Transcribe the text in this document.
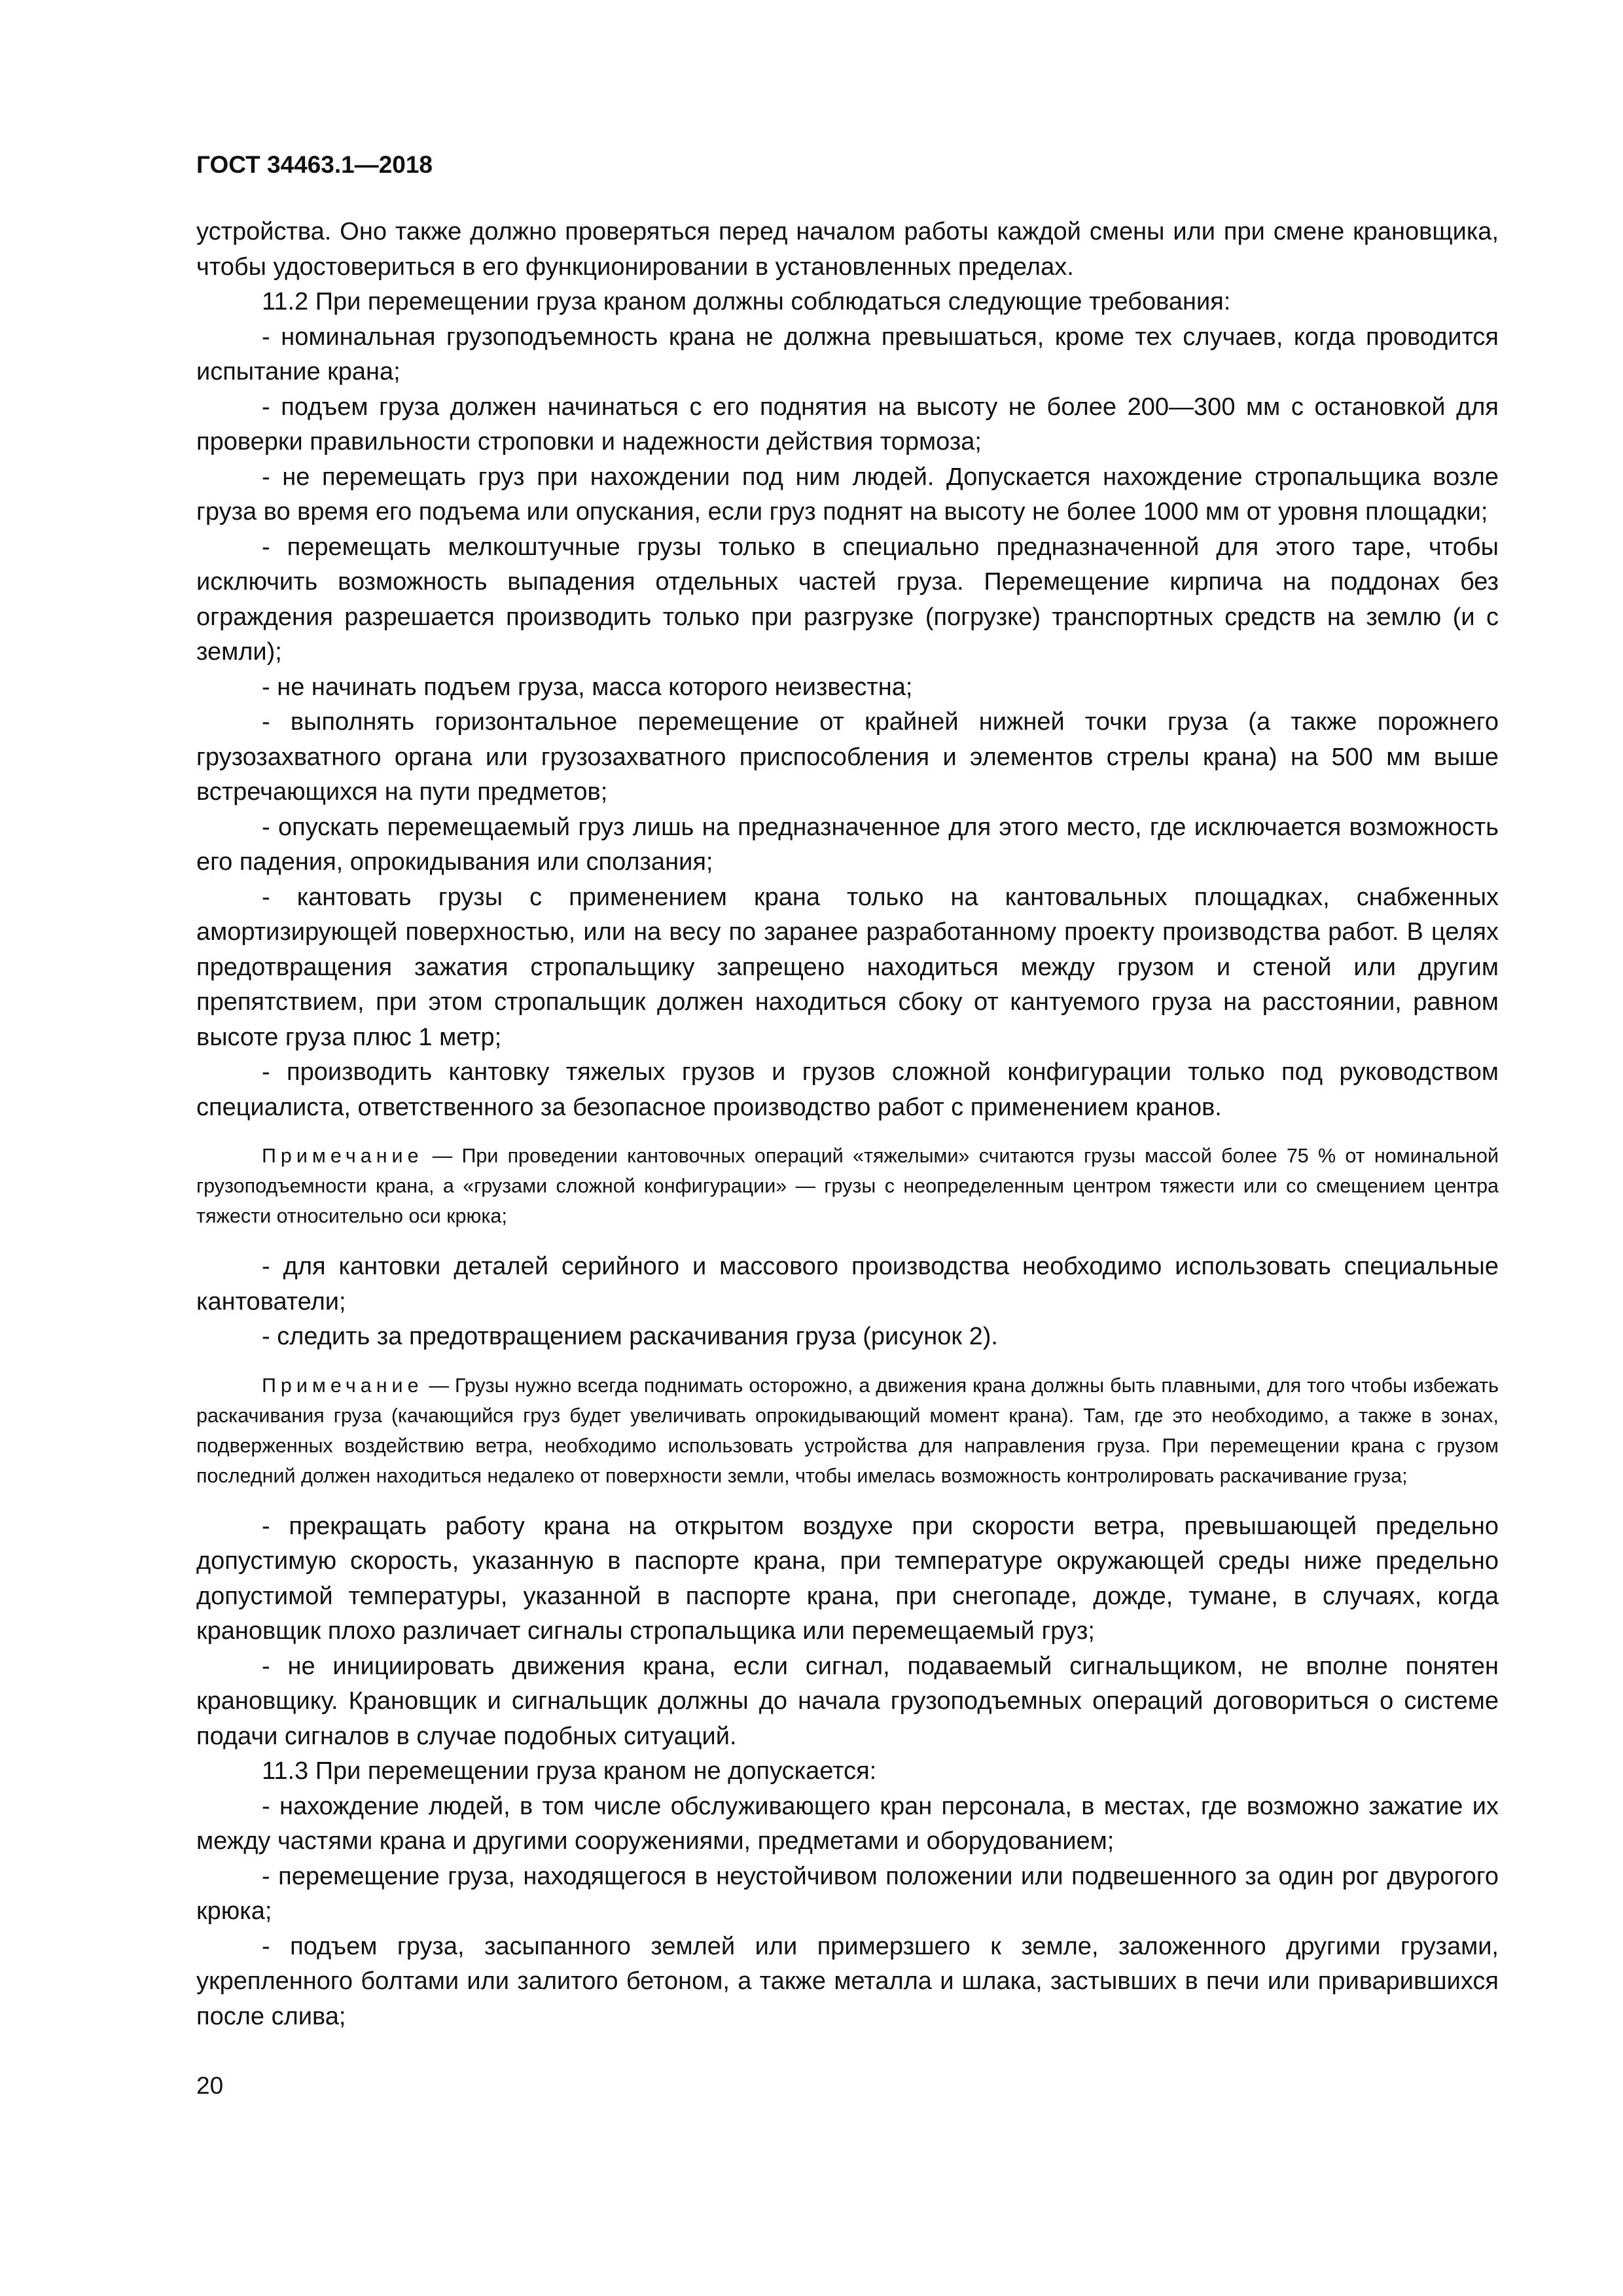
ГОСТ 34463.1—2018

устройства. Оно также должно проверяться перед началом работы каждой смены или при смене крановщика, чтобы удостовериться в его функционировании в установленных пределах.

11.2 При перемещении груза краном должны соблюдаться следующие требования:

- номинальная грузоподъемность крана не должна превышаться, кроме тех случаев, когда проводится испытание крана;

- подъем груза должен начинаться с его поднятия на высоту не более 200—300 мм с остановкой для проверки правильности строповки и надежности действия тормоза;

- не перемещать груз при нахождении под ним людей. Допускается нахождение стропальщика возле груза во время его подъема или опускания, если груз поднят на высоту не более 1000 мм от уровня площадки;

- перемещать мелкоштучные грузы только в специально предназначенной для этого таре, чтобы исключить возможность выпадения отдельных частей груза. Перемещение кирпича на поддонах без ограждения разрешается производить только при разгрузке (погрузке) транспортных средств на землю (и с земли);

- не начинать подъем груза, масса которого неизвестна;

- выполнять горизонтальное перемещение от крайней нижней точки груза (а также порожнего грузозахватного органа или грузозахватного приспособления и элементов стрелы крана) на 500 мм выше встречающихся на пути предметов;

- опускать перемещаемый груз лишь на предназначенное для этого место, где исключается возможность его падения, опрокидывания или сползания;

- кантовать грузы с применением крана только на кантовальных площадках, снабженных амортизирующей поверхностью, или на весу по заранее разработанному проекту производства работ. В целях предотвращения зажатия стропальщику запрещено находиться между грузом и стеной или другим препятствием, при этом стропальщик должен находиться сбоку от кантуемого груза на расстоянии, равном высоте груза плюс 1 метр;

- производить кантовку тяжелых грузов и грузов сложной конфигурации только под руководством специалиста, ответственного за безопасное производство работ с применением кранов.

Примечание — При проведении кантовочных операций «тяжелыми» считаются грузы массой более 75 % от номинальной грузоподъемности крана, а «грузами сложной конфигурации» — грузы с неопределенным центром тяжести или со смещением центра тяжести относительно оси крюка;

- для кантовки деталей серийного и массового производства необходимо использовать специальные кантователи;

- следить за предотвращением раскачивания груза (рисунок 2).

Примечание — Грузы нужно всегда поднимать осторожно, а движения крана должны быть плавными, для того чтобы избежать раскачивания груза (качающийся груз будет увеличивать опрокидывающий момент крана). Там, где это необходимо, а также в зонах, подверженных воздействию ветра, необходимо использовать устройства для направления груза. При перемещении крана с грузом последний должен находиться недалеко от поверхности земли, чтобы имелась возможность контролировать раскачивание груза;

- прекращать работу крана на открытом воздухе при скорости ветра, превышающей предельно допустимую скорость, указанную в паспорте крана, при температуре окружающей среды ниже предельно допустимой температуры, указанной в паспорте крана, при снегопаде, дожде, тумане, в случаях, когда крановщик плохо различает сигналы стропальщика или перемещаемый груз;

- не инициировать движения крана, если сигнал, подаваемый сигнальщиком, не вполне понятен крановщику. Крановщик и сигнальщик должны до начала грузоподъемных операций договориться о системе подачи сигналов в случае подобных ситуаций.

11.3 При перемещении груза краном не допускается:

- нахождение людей, в том числе обслуживающего кран персонала, в местах, где возможно зажатие их между частями крана и другими сооружениями, предметами и оборудованием;

- перемещение груза, находящегося в неустойчивом положении или подвешенного за один рог двурогого крюка;

- подъем груза, засыпанного землей или примерзшего к земле, заложенного другими грузами, укрепленного болтами или залитого бетоном, а также металла и шлака, застывших в печи или приварившихся после слива;

20
